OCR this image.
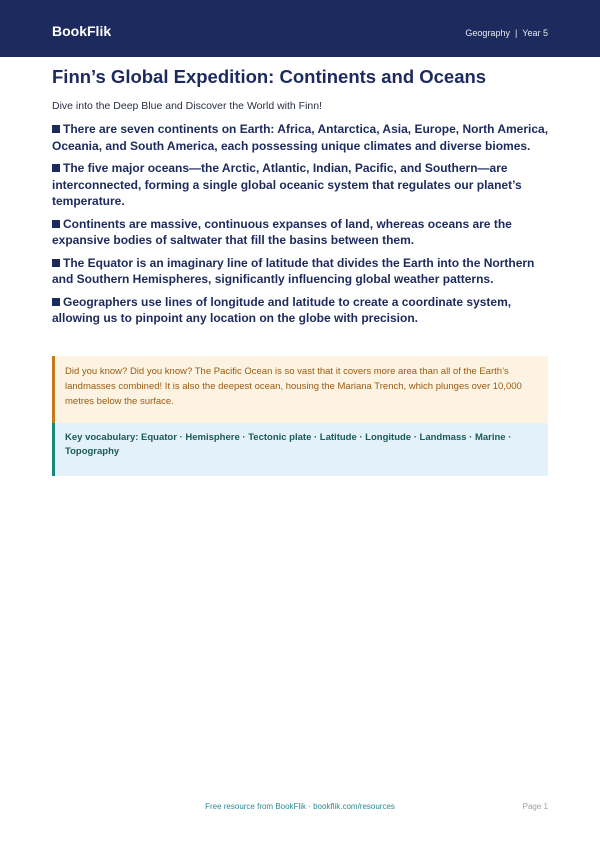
BookFlik	Geography | Year 5
Finn’s Global Expedition: Continents and Oceans
Dive into the Deep Blue and Discover the World with Finn!
There are seven continents on Earth: Africa, Antarctica, Asia, Europe, North America, Oceania, and South America, each possessing unique climates and diverse biomes.
The five major oceans—the Arctic, Atlantic, Indian, Pacific, and Southern—are interconnected, forming a single global oceanic system that regulates our planet’s temperature.
Continents are massive, continuous expanses of land, whereas oceans are the expansive bodies of saltwater that fill the basins between them.
The Equator is an imaginary line of latitude that divides the Earth into the Northern and Southern Hemispheres, significantly influencing global weather patterns.
Geographers use lines of longitude and latitude to create a coordinate system, allowing us to pinpoint any location on the globe with precision.
Did you know? Did you know? The Pacific Ocean is so vast that it covers more area than all of the Earth’s landmasses combined! It is also the deepest ocean, housing the Mariana Trench, which plunges over 10,000 metres below the surface.
Key vocabulary: Equator · Hemisphere · Tectonic plate · Latitude · Longitude · Landmass · Marine · Topography
Free resource from BookFlik · bookflik.com/resources	Page 1
